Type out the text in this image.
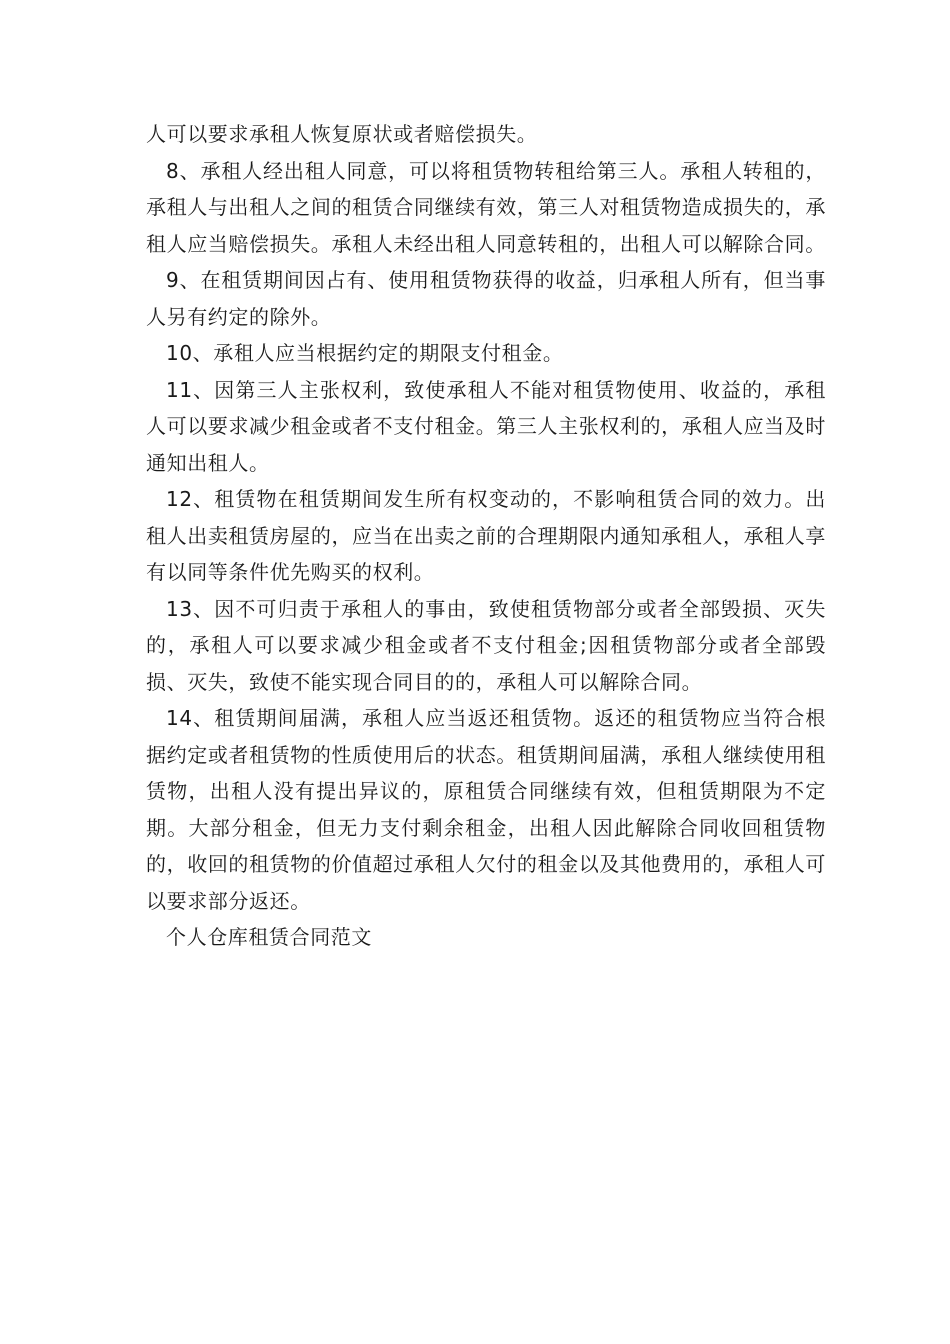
人可以要求承租人恢复原状或者赔偿损失。

8、承租人经出租人同意，可以将租赁物转租给第三人。承租人转租的，承租人与出租人之间的租赁合同继续有效，第三人对租赁物造成损失的，承租人应当赔偿损失。承租人未经出租人同意转租的，出租人可以解除合同。

9、在租赁期间因占有、使用租赁物获得的收益，归承租人所有，但当事人另有约定的除外。

10、承租人应当根据约定的期限支付租金。

11、因第三人主张权利，致使承租人不能对租赁物使用、收益的，承租人可以要求减少租金或者不支付租金。第三人主张权利的，承租人应当及时通知出租人。

12、租赁物在租赁期间发生所有权变动的，不影响租赁合同的效力。出租人出卖租赁房屋的，应当在出卖之前的合理期限内通知承租人，承租人享有以同等条件优先购买的权利。

13、因不可归责于承租人的事由，致使租赁物部分或者全部毁损、灭失的，承租人可以要求减少租金或者不支付租金;因租赁物部分或者全部毁损、灭失，致使不能实现合同目的的，承租人可以解除合同。

14、租赁期间届满，承租人应当返还租赁物。返还的租赁物应当符合根据约定或者租赁物的性质使用后的状态。租赁期间届满，承租人继续使用租赁物，出租人没有提出异议的，原租赁合同继续有效，但租赁期限为不定期。大部分租金，但无力支付剩余租金，出租人因此解除合同收回租赁物的，收回的租赁物的价值超过承租人欠付的租金以及其他费用的，承租人可以要求部分返还。

个人仓库租赁合同范文
